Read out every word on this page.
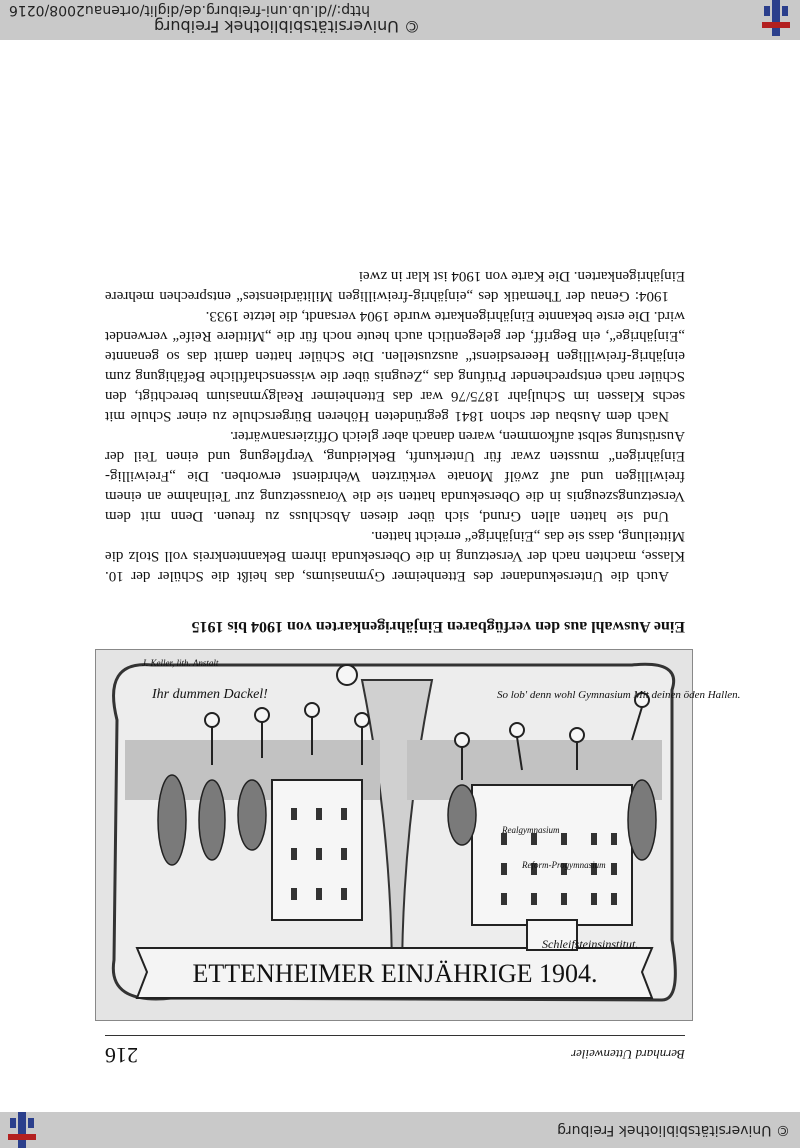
© Universitätsbibliothek Freiburg
Bernhard Uttenweiler
216
ETTENHEIMER EINJÄHRIGE 1904.
Schleifsteinsinstitut.
Reform-Progymnasium
Realgymnasium
So lob' denn wohl Gymnasium Mit deinen öden Hallen.
Ihr dummen Dackel!
J. Keller, lith. Anstalt
Eine Auswahl aus den verfügbaren Einjährigenkarten von 1904 bis 1915

Auch die Untersekundaner des Ettenheimer Gymnasiums, das heißt die Schüler der 10. Klasse, machten nach der Versetzung in die Obersekunda ihrem Bekanntenkreis voll Stolz die Mitteilung, dass sie das „Einjährige“ erreicht hatten.

Und sie hatten allen Grund, sich über diesen Abschluss zu freuen. Denn mit dem Versetzungszeugnis in die Obersekunda hatten sie die Voraussetzung zur Teilnahme an einem freiwilligen und auf zwölf Monate verkürzten Wehrdienst erworben. Die „Freiwillig-Einjährigen“ mussten zwar für Unterkunft, Bekleidung, Verpflegung und einen Teil der Ausrüstung selbst aufkommen, waren danach aber gleich Offiziersanwärter.

Nach dem Ausbau der schon 1841 gegründeten Höheren Bürgerschule zu einer Schule mit sechs Klassen im Schuljahr 1875/76 war das Ettenheimer Realgymnasium berechtigt, den Schüler nach entsprechender Prüfung das „Zeugnis über die wissenschaftliche Befähigung zum einjährig-freiwilligen Heeresdienst“ auszustellen. Die Schüler hatten damit das so genannte „Einjährige“, ein Begriff, der gelegentlich auch heute noch für die „Mittlere Reife“ verwendet wird. Die erste bekannte Einjährigenkarte wurde 1904 versandt, die letzte 1933.

1904: Genau der Thematik des „einjährig-freiwilligen Militärdienstes“ entsprechen mehrere Einjährigenkarten. Die Karte von 1904 ist klar in zwei

© Universitätsbibliothek Freiburg
http://dl.ub.uni-freiburg.de/diglit/ortenau2008/0216
